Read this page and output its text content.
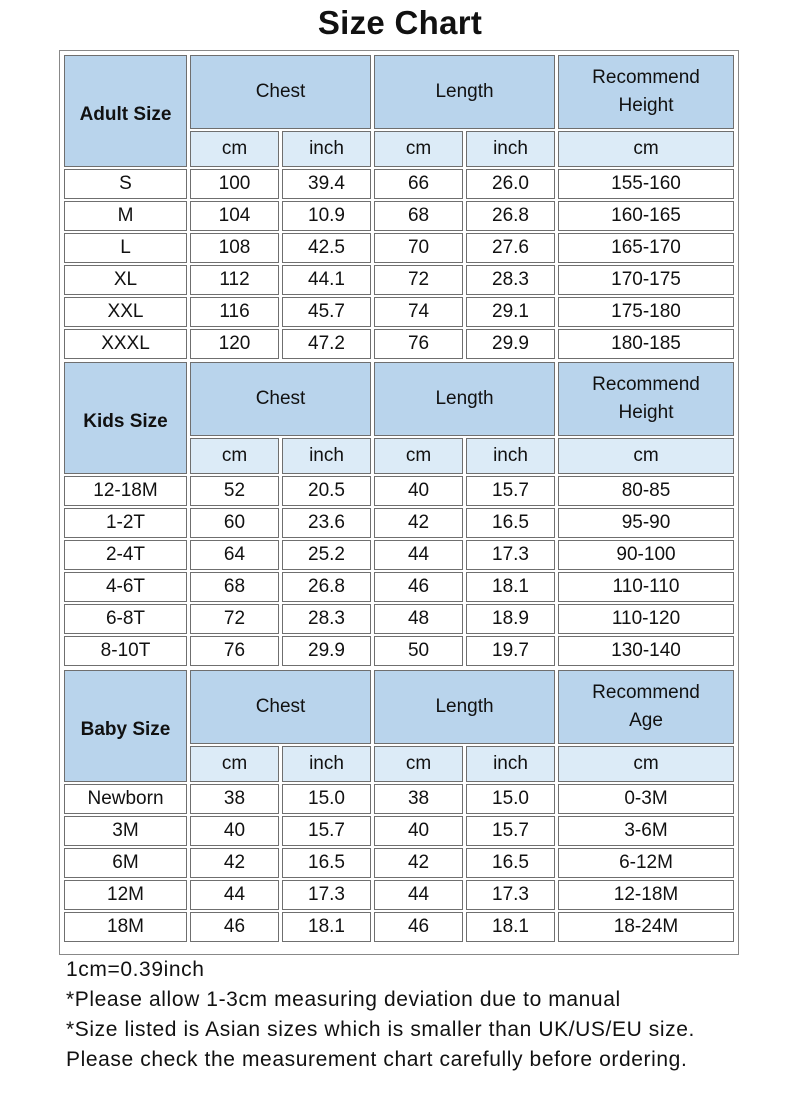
Size Chart
Adult Size	Chest		Length		Recommend
Height

	cm	inch	cm	inch	cm
S	100	39.4	66	26.0	155-160
M	104	10.9	68	26.8	160-165
L	108	42.5	70	27.6	165-170
XL	112	44.1	72	28.3	170-175
XXL	116	45.7	74	29.1	175-180
XXXL	120	47.2	76	29.9	180-185
Kids Size	Chest		Length		Recommend
Height

	cm	inch	cm	inch	cm
12-18M	52	20.5	40	15.7	80-85
1-2T	60	23.6	42	16.5	95-90
2-4T	64	25.2	44	17.3	90-100
4-6T	68	26.8	46	18.1	110-110
6-8T	72	28.3	48	18.9	110-120
8-10T	76	29.9	50	19.7	130-140
Baby Size	Chest		Length		Recommend
Age

	cm	inch	cm	inch	cm
Newborn	38	15.0	38	15.0	0-3M
3M	40	15.7	40	15.7	3-6M
6M	42	16.5	42	16.5	6-12M
12M	44	17.3	44	17.3	12-18M
18M	46	18.1	46	18.1	18-24M
1cm=0.39inch
*Please allow 1-3cm measuring deviation due to manual
*Size listed is Asian sizes which is smaller than UK/US/EU size.
Please check the measurement chart carefully before ordering.
